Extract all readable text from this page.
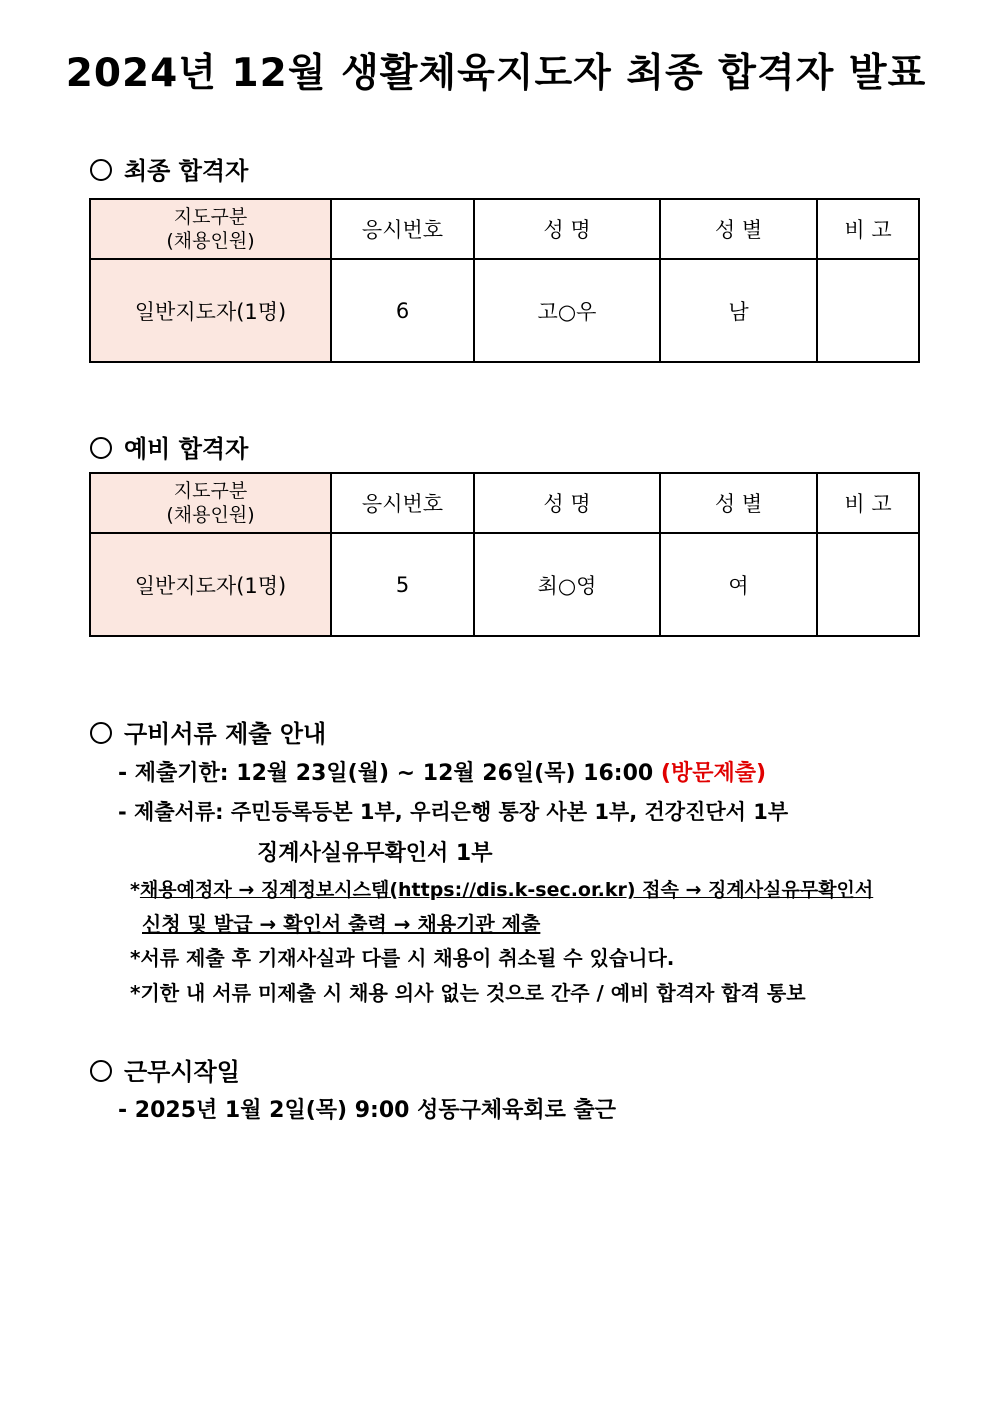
2024년 12월 생활체육지도자 최종 합격자 발표
최종 합격자
지도구분
(채용인원)	응시번호	성 명	성 별	비 고
일반지도자(1명)	6	고○우	남	
예비 합격자
지도구분
(채용인원)	응시번호	성 명	성 별	비 고
일반지도자(1명)	5	최○영	여	
구비서류 제출 안내
- 제출기한: 12월 23일(월) ~ 12월 26일(목) 16:00 (방문제출)
- 제출서류: 주민등록등본 1부, 우리은행 통장 사본 1부, 건강진단서 1부
징계사실유무확인서 1부
*채용예정자 → 징계정보시스템(https://dis.k-sec.or.kr) 접속 → 징계사실유무확인서
신청 및 발급 → 확인서 출력 → 채용기관 제출
*서류 제출 후 기재사실과 다를 시 채용이 취소될 수 있습니다.
*기한 내 서류 미제출 시 채용 의사 없는 것으로 간주 / 예비 합격자 합격 통보
근무시작일
- 2025년 1월 2일(목) 9:00 성동구체육회로 출근
